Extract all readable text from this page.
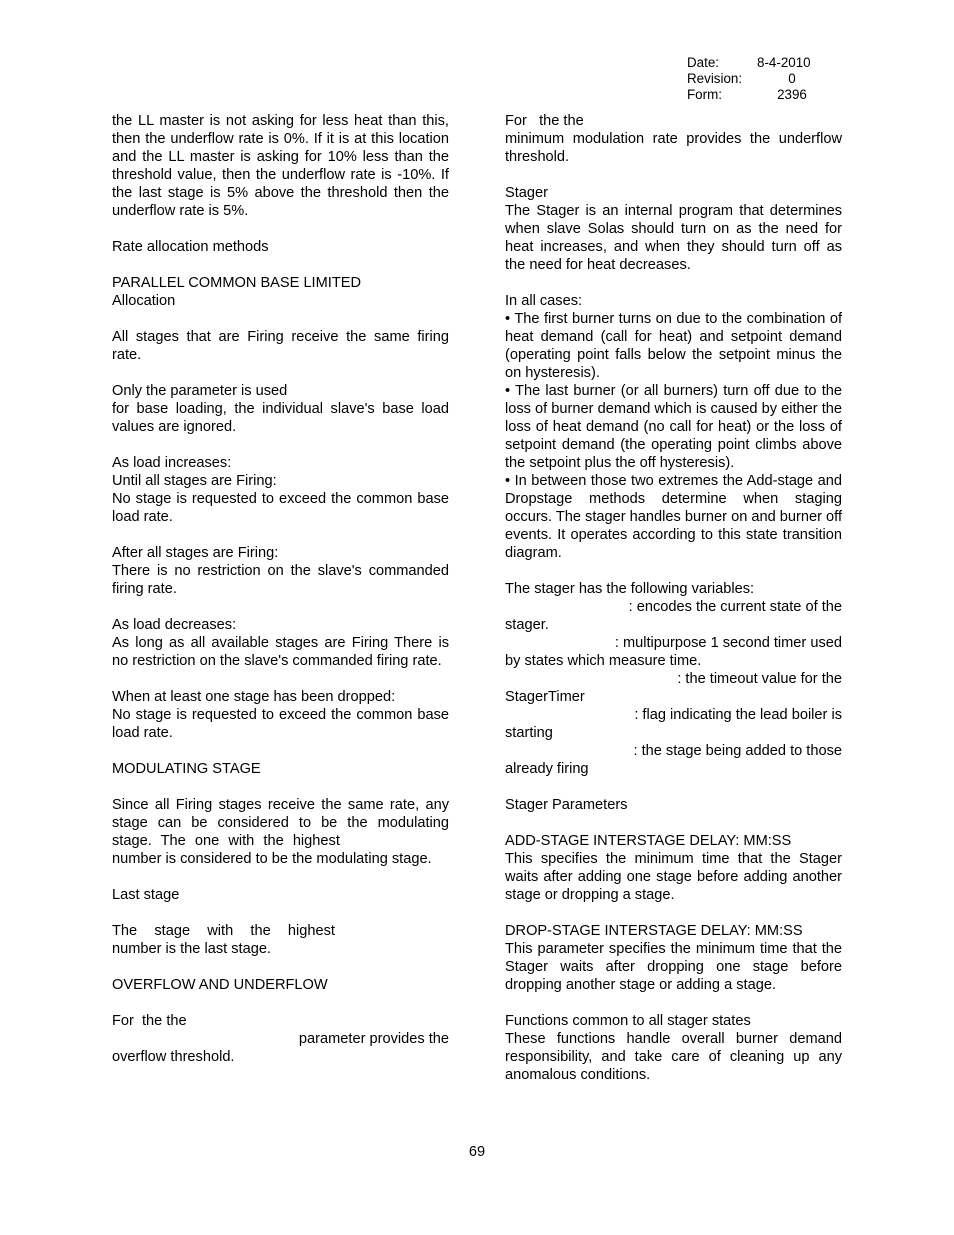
Date:	8-4-2010
Revision:	0
Form:	2396

the LL master is not asking for less heat than this, then the underflow rate is 0%. If it is at this location and the LL master is asking for 10% less than the threshold value, then the underflow rate is -10%. If the last stage is 5% above the threshold then the underflow rate is 5%.

Rate allocation methods

PARALLEL COMMON BASE LIMITED
Allocation

All stages that are Firing receive the same firing rate.

Only the parameter is used
for base loading, the individual slave's base load values are ignored.

As load increases:
Until all stages are Firing:
No stage is requested to exceed the common base load rate.

After all stages are Firing:
There is no restriction on the slave's commanded firing rate.

As load decreases:
As long as all available stages are Firing There is no restriction on the slave's commanded firing rate.

When at least one stage has been dropped:
No stage is requested to exceed the common base load rate.

MODULATING STAGE

Since all Firing stages receive the same rate, any stage can be considered to be the modulating stage. The one with the highest  number is considered to be the modulating stage.

Last stage

The stage with the highest
number is the last stage.

OVERFLOW AND UNDERFLOW

For the the
parameter provides the
overflow threshold.

For the the
minimum modulation rate provides the underflow threshold.

Stager
The Stager is an internal program that determines when slave Solas should turn on as the need for heat increases, and when they should turn off as the need for heat decreases.

In all cases:
• The first burner turns on due to the combination of heat demand (call for heat) and setpoint demand (operating point falls below the setpoint minus the on hysteresis).
• The last burner (or all burners) turn off due to the loss of burner demand which is caused by either the loss of heat demand (no call for heat) or the loss of setpoint demand (the operating point climbs above the setpoint plus the off hysteresis).
• In between those two extremes the Add-stage and Dropstage methods determine when staging occurs. The stager handles burner on and burner off events. It operates according to this state transition diagram.

The stager has the following variables:
: encodes the current state of the
stager.
: multipurpose 1 second timer used
by states which measure time.
: the timeout value for the
StagerTimer
: flag indicating the lead boiler is
starting
: the stage being added to those
already firing

Stager Parameters

ADD-STAGE INTERSTAGE DELAY: MM:SS
This specifies the minimum time that the Stager waits after adding one stage before adding another stage or dropping a stage.

DROP-STAGE INTERSTAGE DELAY: MM:SS
This parameter specifies the minimum time that the Stager waits after dropping one stage before dropping another stage or adding a stage.

Functions common to all stager states
These functions handle overall burner demand responsibility, and take care of cleaning up any anomalous conditions.

69
